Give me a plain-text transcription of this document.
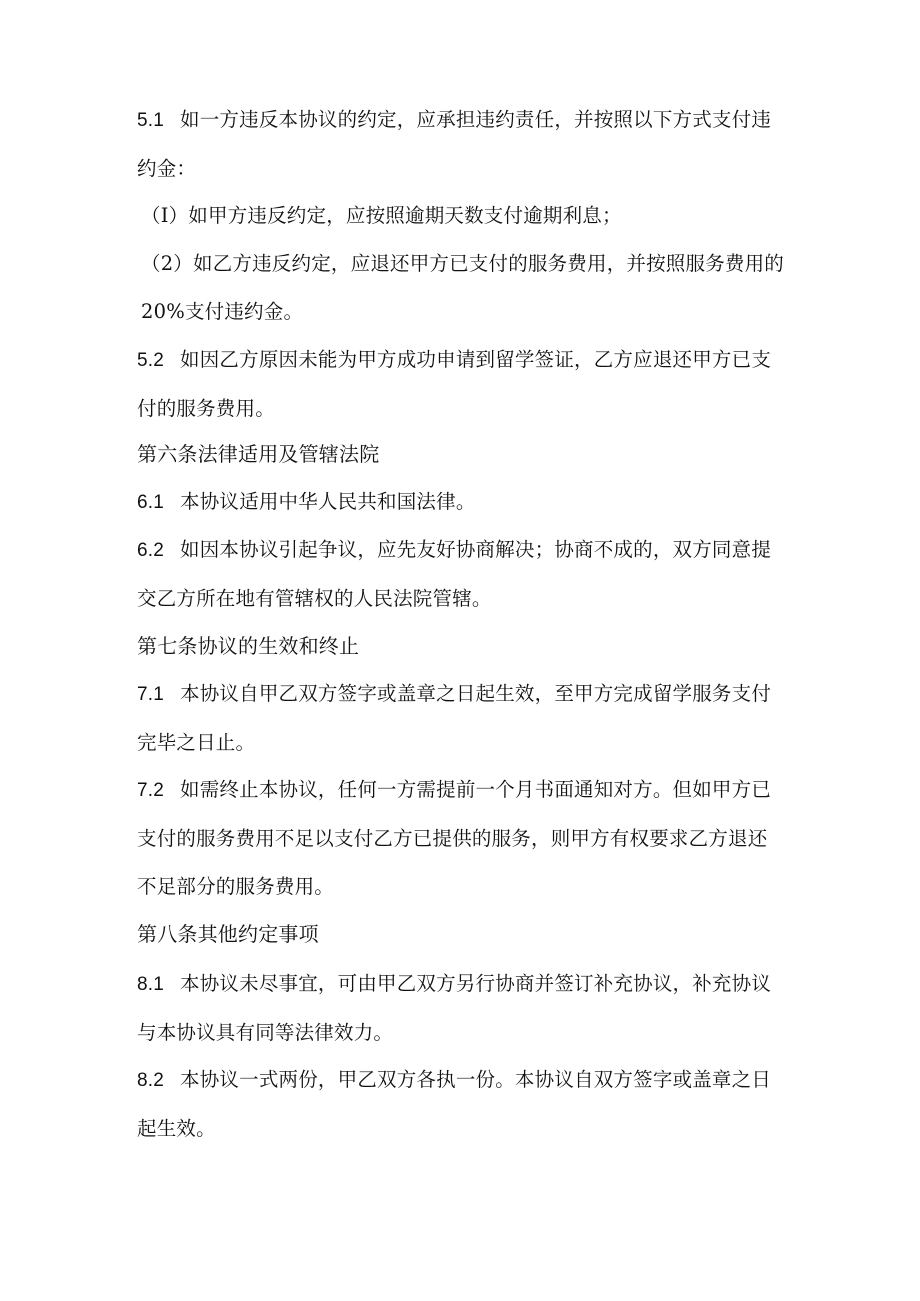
5.1 如一方违反本协议的约定，应承担违约责任，并按照以下方式支付违约金：

（I）如甲方违反约定，应按照逾期天数支付逾期利息；

（2）如乙方违反约定，应退还甲方已支付的服务费用，并按照服务费用的20%支付违约金。

5.2 如因乙方原因未能为甲方成功申请到留学签证，乙方应退还甲方已支付的服务费用。

第六条法律适用及管辖法院

6.1 本协议适用中华人民共和国法律。

6.2 如因本协议引起争议，应先友好协商解决；协商不成的，双方同意提交乙方所在地有管辖权的人民法院管辖。

第七条协议的生效和终止

7.1 本协议自甲乙双方签字或盖章之日起生效，至甲方完成留学服务支付完毕之日止。

7.2 如需终止本协议，任何一方需提前一个月书面通知对方。但如甲方已支付的服务费用不足以支付乙方已提供的服务，则甲方有权要求乙方退还不足部分的服务费用。

第八条其他约定事项

8.1 本协议未尽事宜，可由甲乙双方另行协商并签订补充协议，补充协议与本协议具有同等法律效力。

8.2 本协议一式两份，甲乙双方各执一份。本协议自双方签字或盖章之日起生效。
